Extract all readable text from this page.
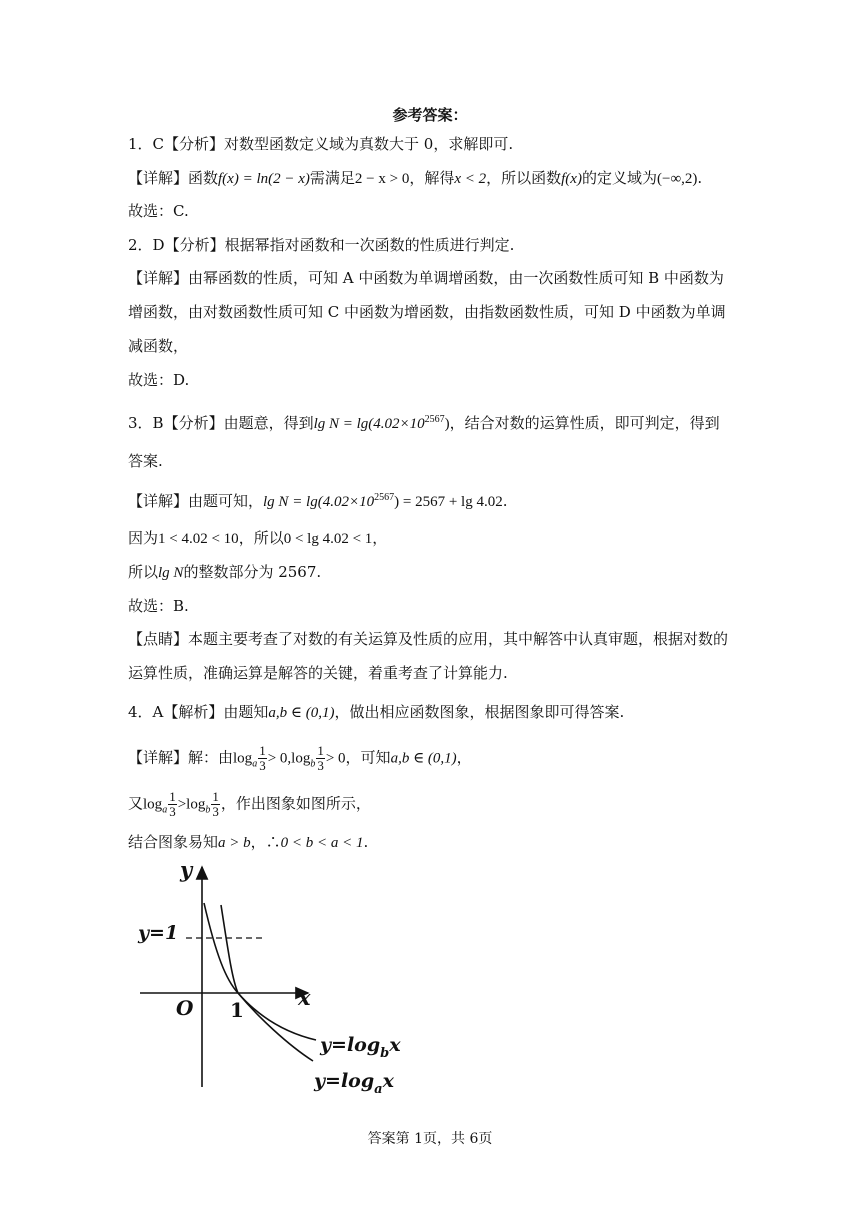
参考答案：
1．C【分析】对数型函数定义域为真数大于 0，求解即可.
【详解】函数f(x) = ln(2 − x)需满足2 − x > 0，解得x < 2，所以函数f(x)的定义域为(−∞,2).
故选：C.
2．D【分析】根据幂指对函数和一次函数的性质进行判定.
【详解】由幂函数的性质，可知 A 中函数为单调增函数，由一次函数性质可知 B 中函数为
增函数，由对数函数性质可知 C 中函数为增函数，由指数函数性质，可知 D 中函数为单调
减函数，
故选：D.
3．B【分析】由题意，得到$\lg N = \lg(4.02\times 10^{2567})$，结合对数的运算性质，即可判定，得到
答案.
【详解】由题可知，$\lg N = \lg(4.02\times 10^{2567}) = 2567 + \lg 4.02$.
因为1 < 4.02 < 10，所以0 < lg 4.02 < 1，
所以lg N的整数部分为 2567.
故选：B.
【点睛】本题主要考查了对数的有关运算及性质的应用，其中解答中认真审题，根据对数的
运算性质，准确运算是解答的关键，着重考查了计算能力.
4．A【解析】由题知a,b ∈ (0,1)，做出相应函数图象，根据图象即可得答案.
【详解】解：由$\log_a \frac{1}{3} > 0,\log_b \frac{1}{3} > 0$，可知a,b ∈ (0,1)，
又$\log_a \frac{1}{3} >\log_b \frac{1}{3}$ ，作出图象如图所示，
结合图象易知a > b，∴0 < b < a < 1.
y
x
O 1
y=1
$y=\log_bx$
$y=\log_ax$
答案第 1页，共 6页
